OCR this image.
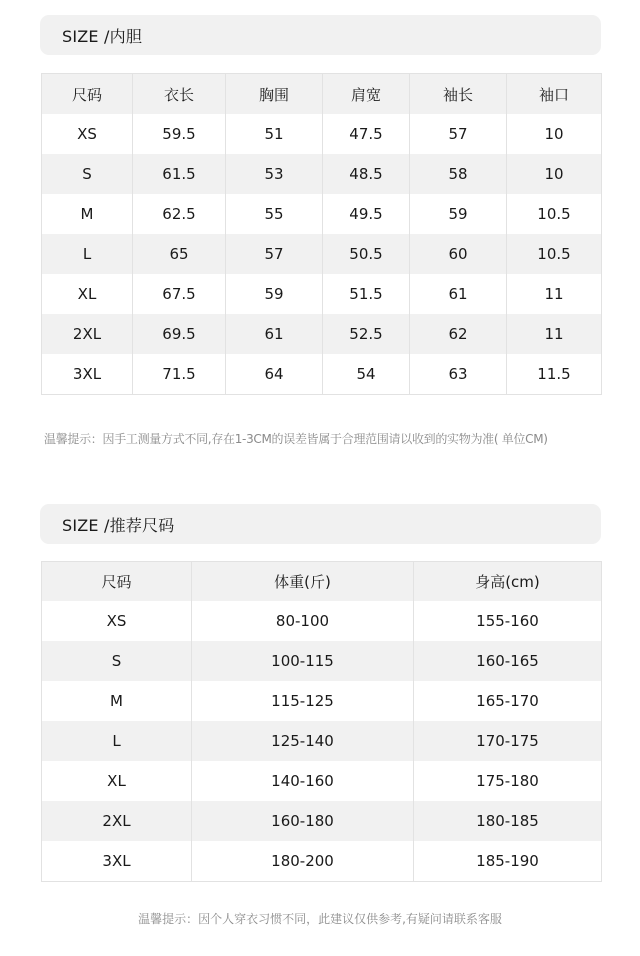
SIZE /内胆
尺码	衣长	胸围	肩宽	袖长	袖口
XS	59.5	51	47.5	57	10
S	61.5	53	48.5	58	10
M	62.5	55	49.5	59	10.5
L	65	57	50.5	60	10.5
XL	67.5	59	51.5	61	11
2XL	69.5	61	52.5	62	11
3XL	71.5	64	54	63	11.5
温馨提示：因手工测量方式不同,存在1-3CM的误差皆属于合理范围请以收到的实物为准( 单位CM)
SIZE /推荐尺码
尺码	体重(斤)	身高(cm)
XS	80-100	155-160
S	100-115	160-165
M	115-125	165-170
L	125-140	170-175
XL	140-160	175-180
2XL	160-180	180-185
3XL	180-200	185-190
温馨提示：因个人穿衣习惯不同，此建议仅供参考,有疑问请联系客服
